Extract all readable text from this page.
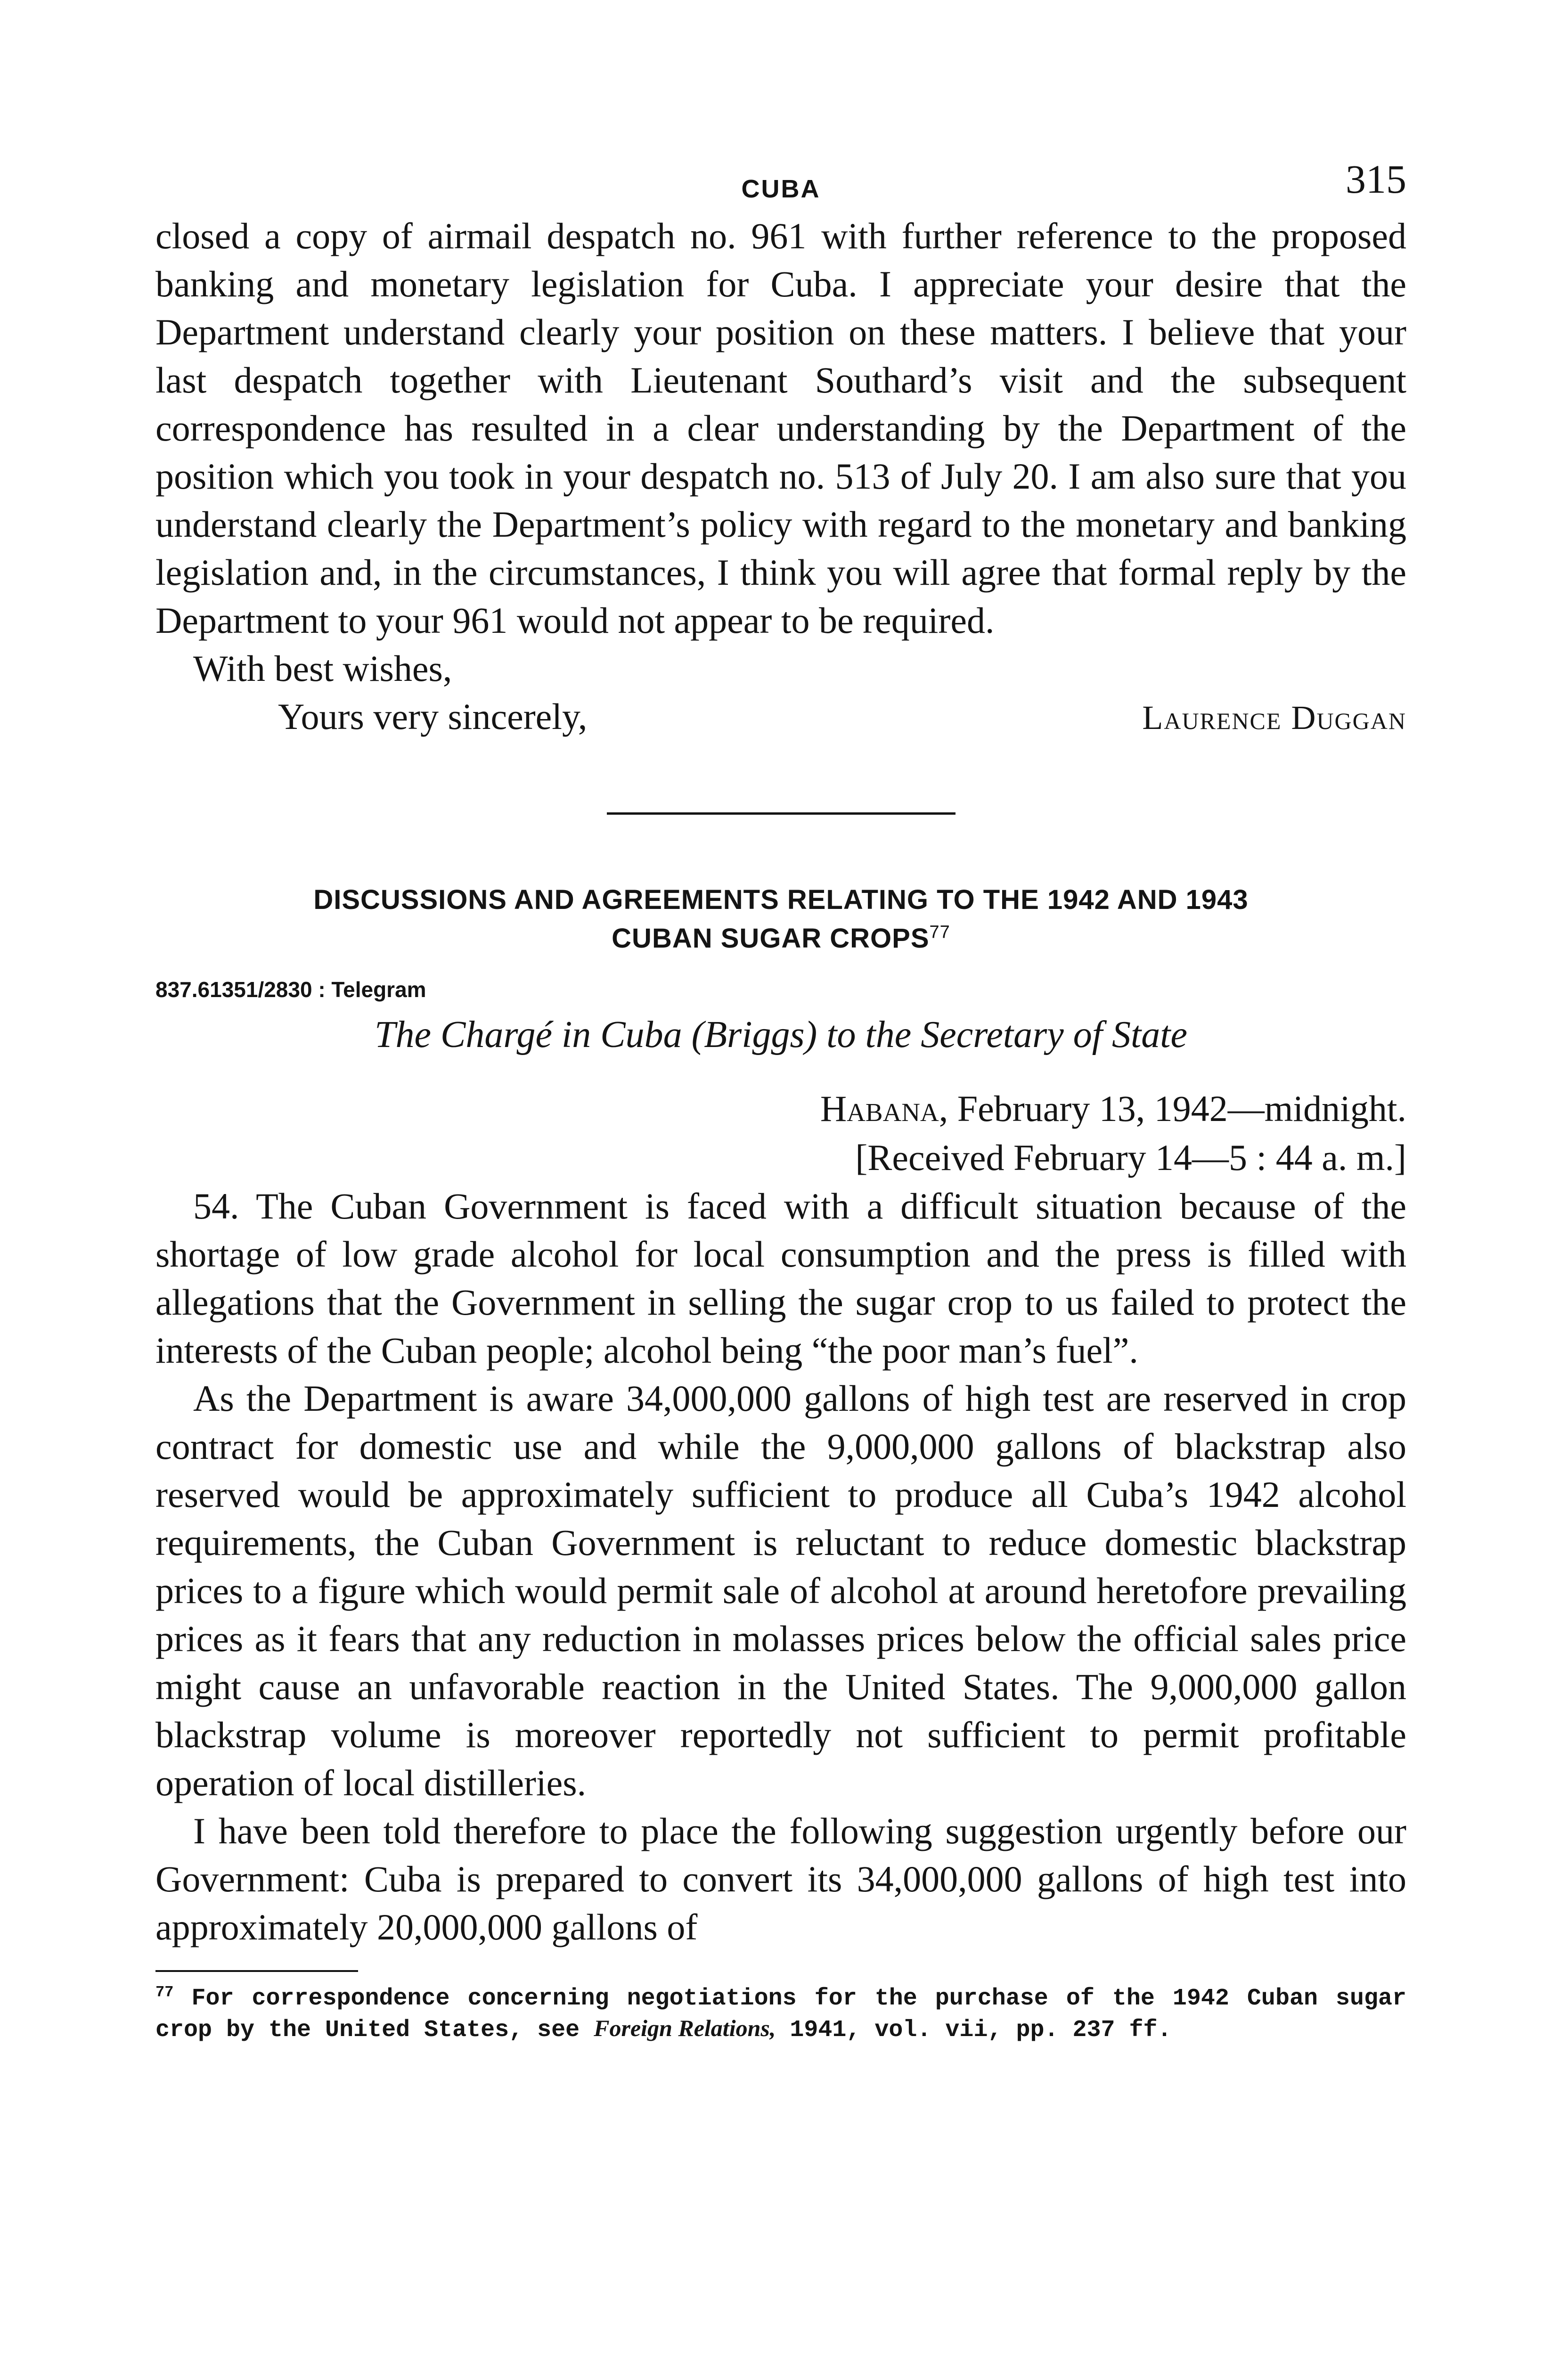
CUBA	315

closed a copy of airmail despatch no. 961 with further reference to the proposed banking and monetary legislation for Cuba. I appreciate your desire that the Department understand clearly your position on these matters. I believe that your last despatch together with Lieutenant Southard’s visit and the subsequent correspondence has resulted in a clear understanding by the Department of the position which you took in your despatch no. 513 of July 20. I am also sure that you understand clearly the Department’s policy with regard to the monetary and banking legislation and, in the circumstances, I think you will agree that formal reply by the Department to your 961 would not appear to be required.

With best wishes,

Yours very sincerely,	Laurence Duggan
DISCUSSIONS AND AGREEMENTS RELATING TO THE 1942 AND 1943
CUBAN SUGAR CROPS$^{77}$
837.61351/2830 : Telegram
The Chargé in Cuba (Briggs) to the Secretary of State
Habana, February 13, 1942—midnight.
[Received February 14—5 : 44 a. m.]

54. The Cuban Government is faced with a difficult situation because of the shortage of low grade alcohol for local consumption and the press is filled with allegations that the Government in selling the sugar crop to us failed to protect the interests of the Cuban people; alcohol being “the poor man’s fuel”.

As the Department is aware 34,000,000 gallons of high test are reserved in crop contract for domestic use and while the 9,000,000 gallons of blackstrap also reserved would be approximately sufficient to produce all Cuba’s 1942 alcohol requirements, the Cuban Government is reluctant to reduce domestic blackstrap prices to a figure which would permit sale of alcohol at around heretofore prevailing prices as it fears that any reduction in molasses prices below the official sales price might cause an unfavorable reaction in the United States. The 9,000,000 gallon blackstrap volume is moreover reportedly not sufficient to permit profitable operation of local distilleries.

I have been told therefore to place the following suggestion urgently before our Government: Cuba is prepared to convert its 34,000,000 gallons of high test into approximately 20,000,000 gallons of

$^{77}$ For correspondence concerning negotiations for the purchase of the 1942 Cuban sugar crop by the United States, see Foreign Relations, 1941, vol. vii, pp. 237 ff.
